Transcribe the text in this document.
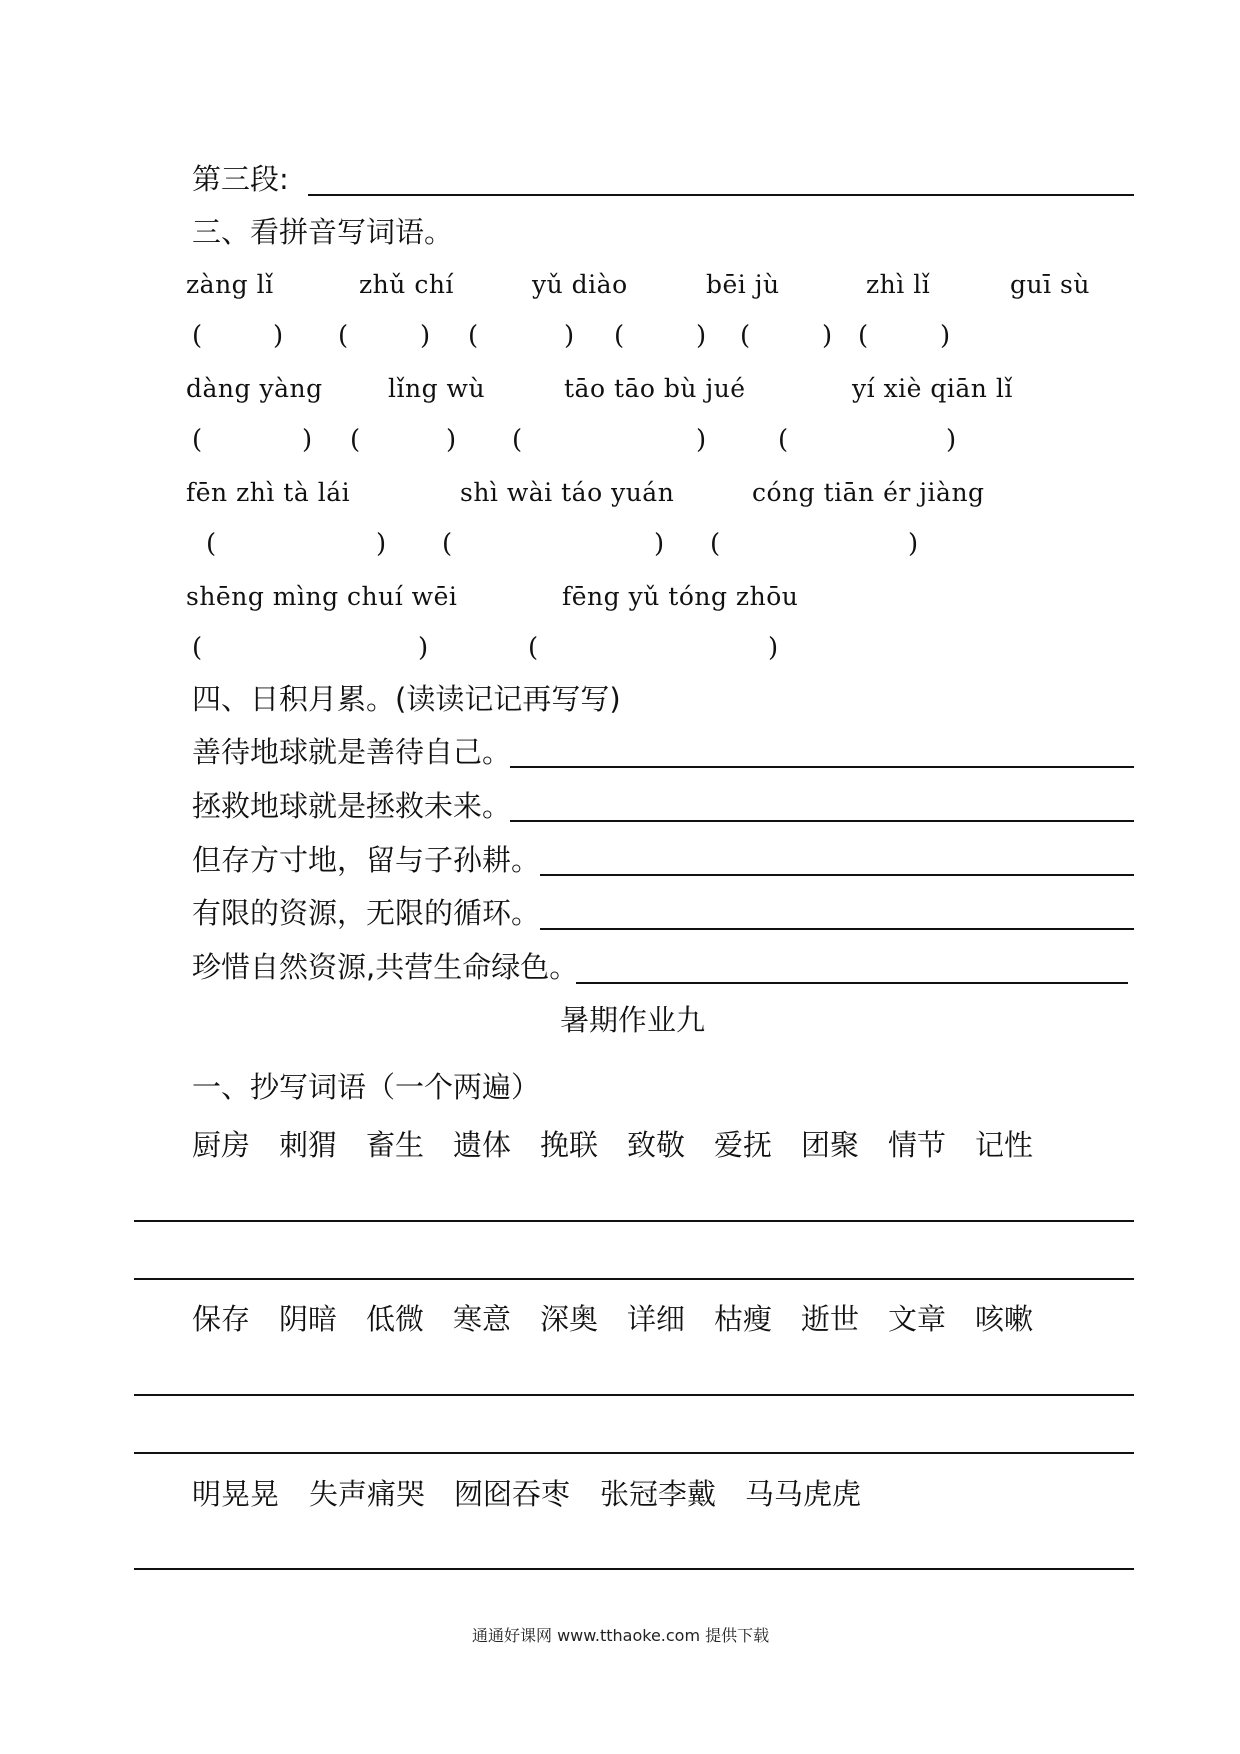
第三段:
三、看拼音写词语。
zàng lǐ	zhǔ chí	yǔ diào	bēi jù	zhì lǐ	guī sù
(	) (	) (	) (	) (	) (	)
dàng yàng	lǐng wù	tāo tāo bù jué	yí xiè qiān lǐ
(	) (	) (	)	(	)
fēn zhì tà lái	shì wài táo yuán	cóng tiān ér jiàng
(	) (	) (	)
shēng mìng chuí wēi	fēng yǔ tóng zhōu
(	)	(	)
四、日积月累。(读读记记再写写)
善待地球就是善待自己。
拯救地球就是拯救未来。
但存方寸地，留与子孙耕。
有限的资源，无限的循环。
珍惜自然资源,共营生命绿色。
暑期作业九
一、抄写词语（一个两遍）
厨房 刺猬 畜生 遗体 挽联 致敬 爱抚 团聚 情节 记性
保存 阴暗 低微 寒意 深奥 详细 枯瘦 逝世 文章 咳嗽
明晃晃 失声痛哭 囫囵吞枣 张冠李戴 马马虎虎
通通好课网 www.tthaoke.com 提供下载
